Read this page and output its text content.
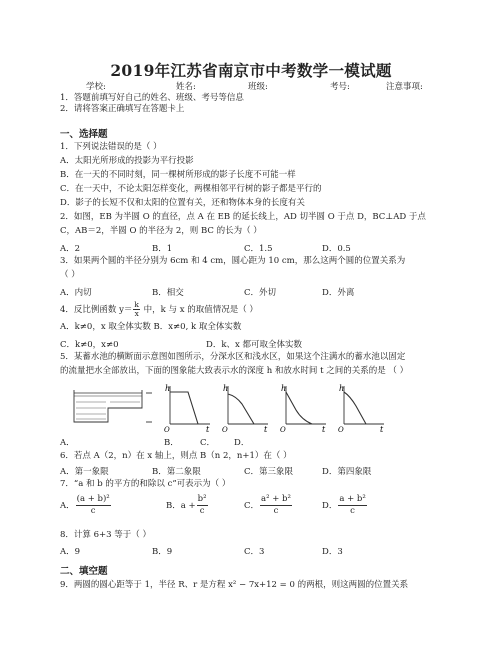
2019年江苏省南京市中考数学一模试题
学校:	姓名:	班级:	考号:	注意事项:
1．答题前填写好自己的姓名、班级、考号等信息
2．请将答案正确填写在答题卡上
一、选择题
1．下列说法错误的是（ ）
A．太阳光所形成的投影为平行投影
B．在一天的不同时刻，同一棵树所形成的影子长度不可能一样
C．在一天中，不论太阳怎样变化，两棵相邻平行树的影子都是平行的
D．影子的长短不仅和太阳的位置有关，还和物体本身的长度有关
2．如图，EB 为半圆 O 的直径，点 A 在 EB 的延长线上，AD 切半圆 O 于点 D，BC⊥AD 于点
C，AB＝2，半圆 O 的半径为 2，则 BC 的长为（ ）
A．2	B．1	C．1.5	D．0.5
3．如果两个圆的半径分别为 6cm 和 4 cm，圆心距为 10 cm，那么这两个圆的位置关系为
（ ）
A．内切	B．相交	C．外切	D．外离
4．反比例函数 $y= \frac{k}{x}$ 中，k 与 x 的取值情况是（ ）
A．k≠0，x 取全体实数 B．x≠0, k 取全体实数
C．k≠0，x≠0	D．k、x 都可取全体实数
5．某蓄水池的横断面示意图如图所示，分深水区和浅水区，如果这个注满水的蓄水池以固定
的流量把水全部放出，下面的图象能大致表示水的深度 h 和放水时间 t 之间的关系的是 （ ）
h
O	t
h
O	t
h
O	t
h
O	t
A．	B．	C． D．
6．若点 A（2，n）在 x 轴上，则点 B（n 2，n+1）在（ ）
A．第一象限	B．第二象限	C．第三象限	D．第四象限
7．“a 和 b 的平方的和除以 c”可表示为（ ）
A． $\frac{\text{(a + b)²}}{c}$	B．$a + \frac{\text{b²}}{c}$	C． $\frac{\text{a² + b²}}{c}$	D． $\frac{\text{a + b²}}{c}$
8．计算 6+3 等于（ ）
A．9	B．9	C．3	D．3
二、填空题
9．两圆的圆心距等于 1，半径 R、r 是方程 x² − 7x+12 = 0 的两根，则这两圆的位置关系
